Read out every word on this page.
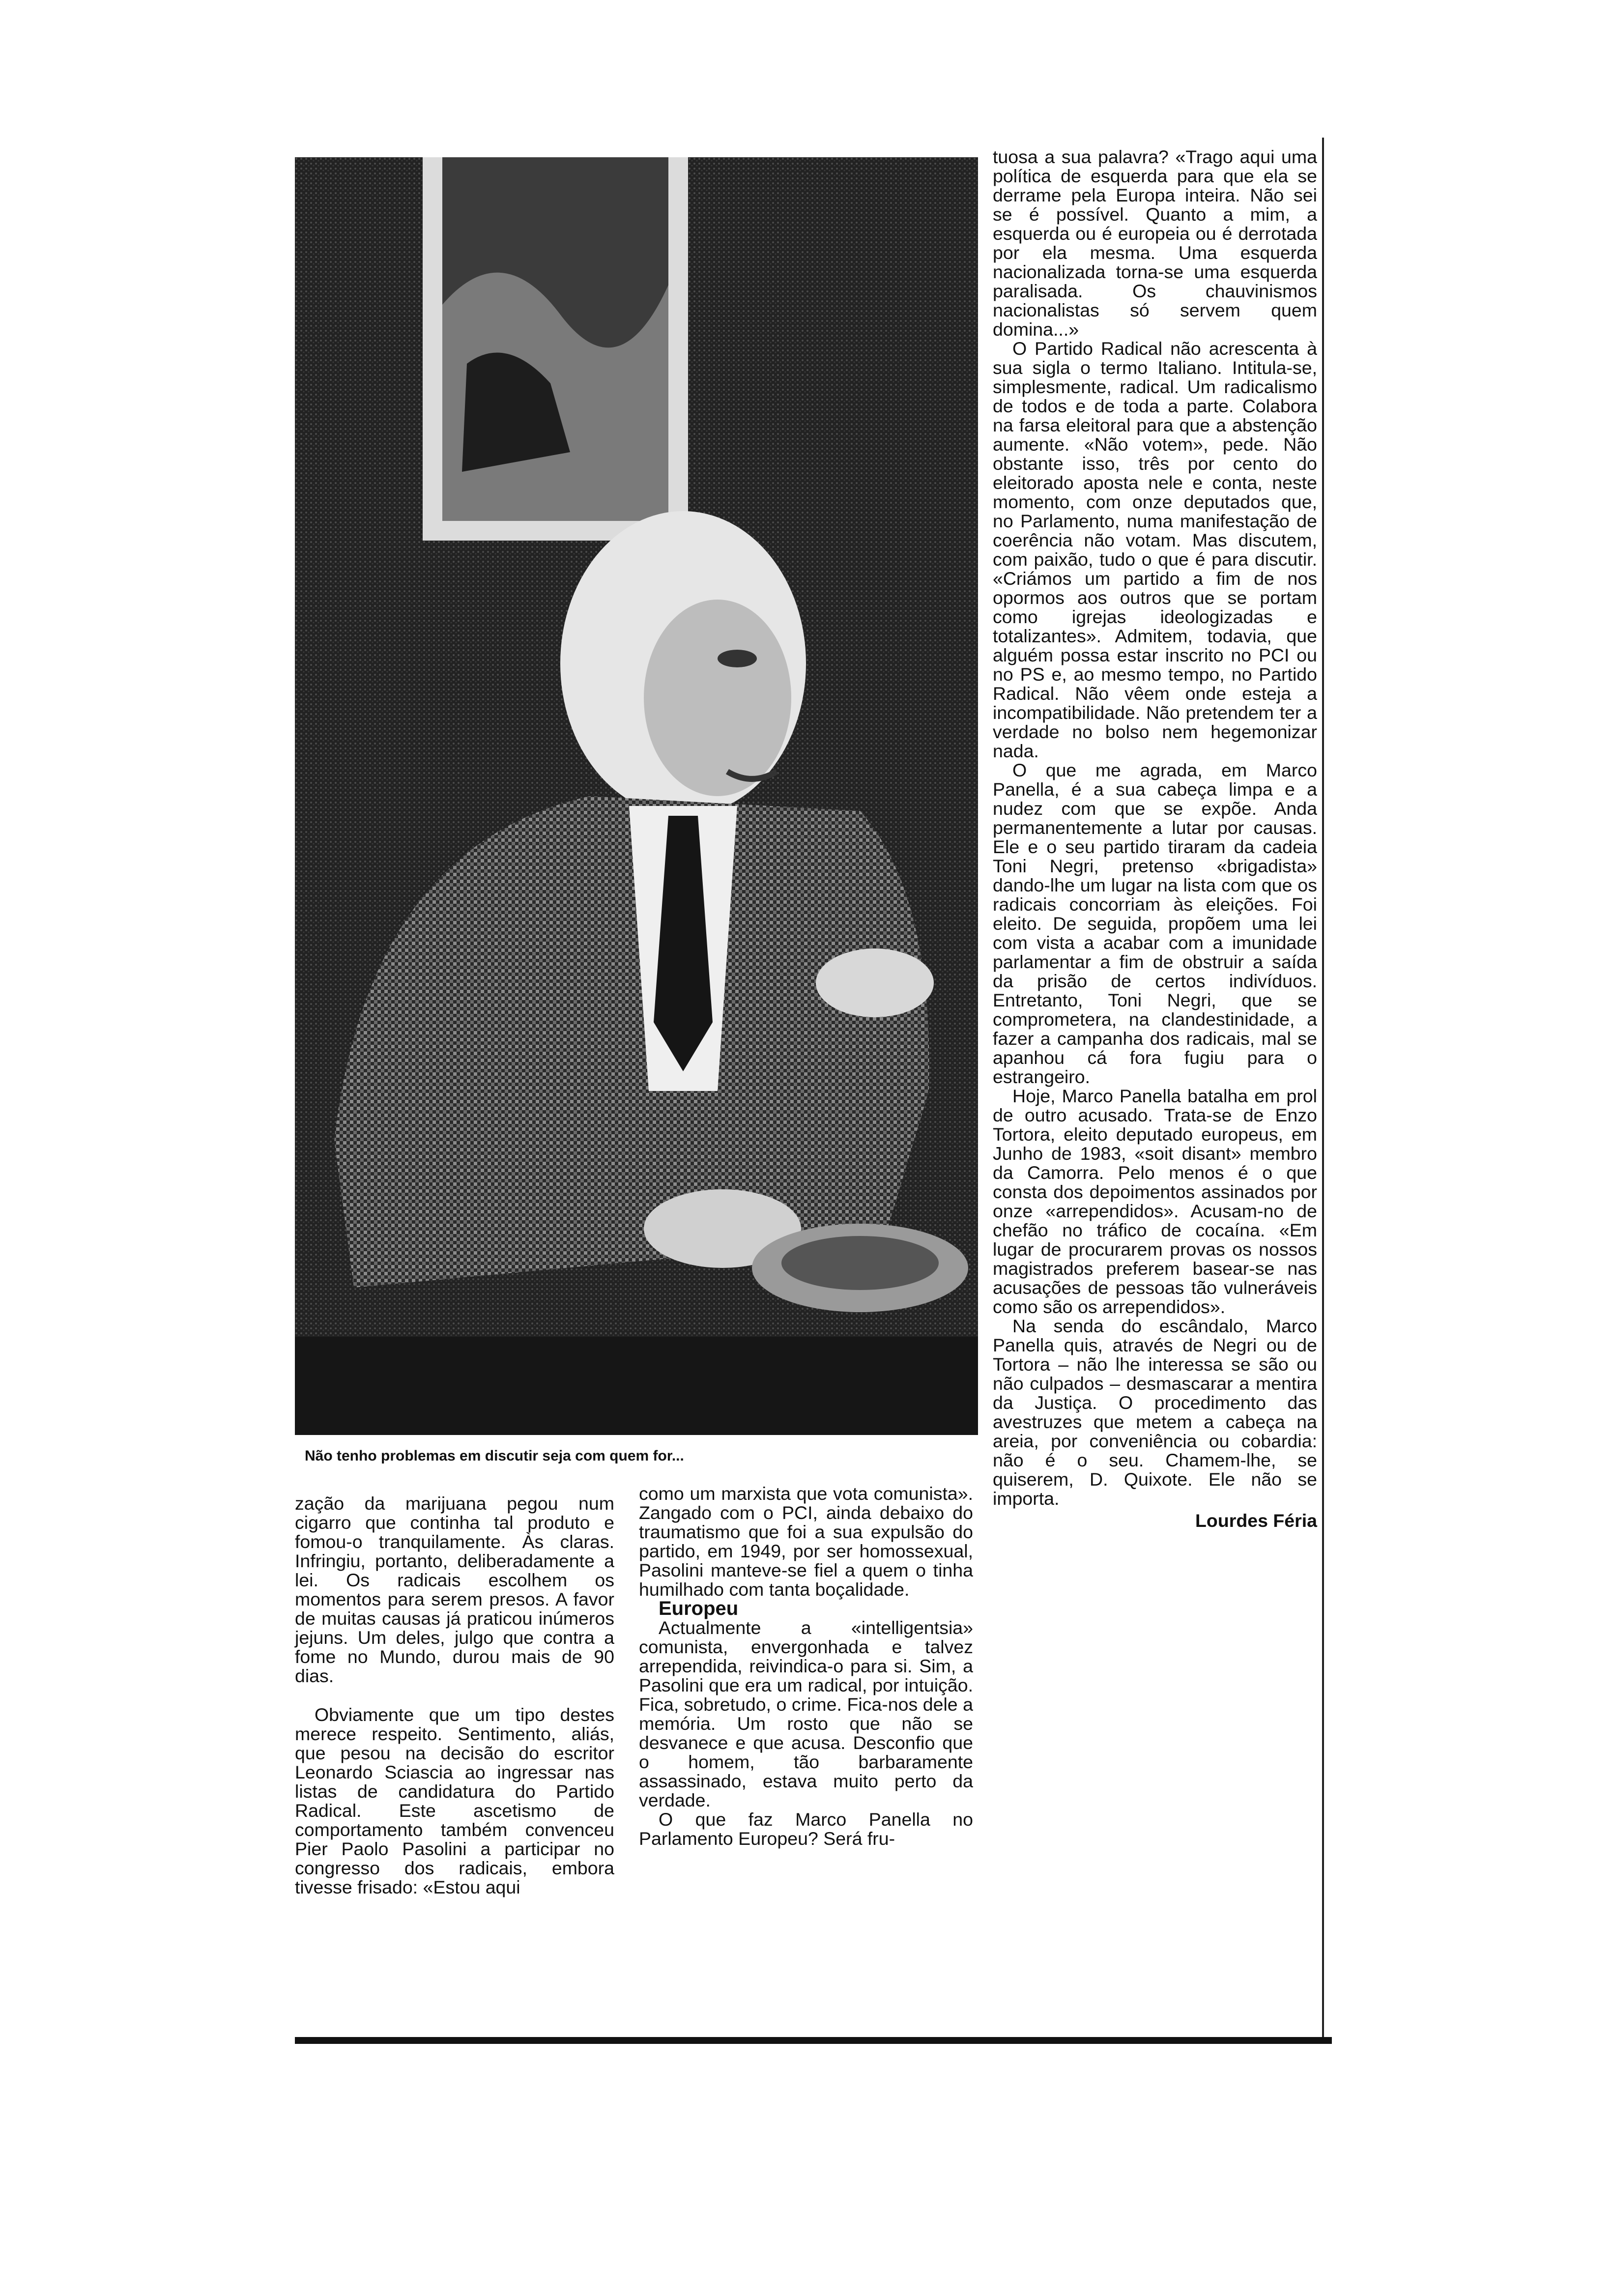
Não tenho problemas em discutir seja com quem for...

zação da marijuana pegou num cigarro que continha tal produto e fomou-o tranquilamente. Às claras. Infringiu, portanto, deliberadamente a lei. Os radicais escolhem os momentos para serem presos. A favor de muitas causas já praticou inúmeros jejuns. Um deles, julgo que contra a fome no Mundo, durou mais de 90 dias.

Obviamente que um tipo destes merece respeito. Sentimento, aliás, que pesou na decisão do escritor Leonardo Sciascia ao ingressar nas listas de candidatura do Partido Radical. Este ascetismo de comportamento também convenceu Pier Paolo Pasolini a participar no congresso dos radicais, embora tivesse frisado: «Estou aqui

como um marxista que vota comunista». Zangado com o PCI, ainda debaixo do traumatismo que foi a sua expulsão do partido, em 1949, por ser homossexual, Pasolini manteve-se fiel a quem o tinha humilhado com tanta boçalidade.

Europeu

Actualmente a «intelligentsia» comunista, envergonhada e talvez arrependida, reivindica-o para si. Sim, a Pasolini que era um radical, por intuição. Fica, sobretudo, o crime. Fica-nos dele a memória. Um rosto que não se desvanece e que acusa. Desconfio que o homem, tão barbaramente assassinado, estava muito perto da verdade.

O que faz Marco Panella no Parlamento Europeu? Será fru-

tuosa a sua palavra? «Trago aqui uma política de esquerda para que ela se derrame pela Europa inteira. Não sei se é possível. Quanto a mim, a esquerda ou é europeia ou é derrotada por ela mesma. Uma esquerda nacionalizada torna-se uma esquerda paralisada. Os chauvinismos nacionalistas só servem quem domina...»

O Partido Radical não acrescenta à sua sigla o termo Italiano. Intitula-se, simplesmente, radical. Um radicalismo de todos e de toda a parte. Colabora na farsa eleitoral para que a abstenção aumente. «Não votem», pede. Não obstante isso, três por cento do eleitorado aposta nele e conta, neste momento, com onze deputados que, no Parlamento, numa manifestação de coerência não votam. Mas discutem, com paixão, tudo o que é para discutir. «Criámos um partido a fim de nos opormos aos outros que se portam como igrejas ideologizadas e totalizantes». Admitem, todavia, que alguém possa estar inscrito no PCI ou no PS e, ao mesmo tempo, no Partido Radical. Não vêem onde esteja a incompatibilidade. Não pretendem ter a verdade no bolso nem hegemonizar nada.

O que me agrada, em Marco Panella, é a sua cabeça limpa e a nudez com que se expõe. Anda permanentemente a lutar por causas. Ele e o seu partido tiraram da cadeia Toni Negri, pretenso «brigadista» dando-lhe um lugar na lista com que os radicais concorriam às eleições. Foi eleito. De seguida, propõem uma lei com vista a acabar com a imunidade parlamentar a fim de obstruir a saída da prisão de certos indivíduos. Entretanto, Toni Negri, que se comprometera, na clandestinidade, a fazer a campanha dos radicais, mal se apanhou cá fora fugiu para o estrangeiro.

Hoje, Marco Panella batalha em prol de outro acusado. Trata-se de Enzo Tortora, eleito deputado europeus, em Junho de 1983, «soit disant» membro da Camorra. Pelo menos é o que consta dos depoimentos assinados por onze «arrependidos». Acusam-no de chefão no tráfico de cocaína. «Em lugar de procurarem provas os nossos magistrados preferem basear-se nas acusações de pessoas tão vulneráveis como são os arrependidos».

Na senda do escândalo, Marco Panella quis, através de Negri ou de Tortora – não lhe interessa se são ou não culpados – desmascarar a mentira da Justiça. O procedimento das avestruzes que metem a cabeça na areia, por conveniência ou cobardia: não é o seu. Chamem-lhe, se quiserem, D. Quixote. Ele não se importa.

Lourdes Féria
